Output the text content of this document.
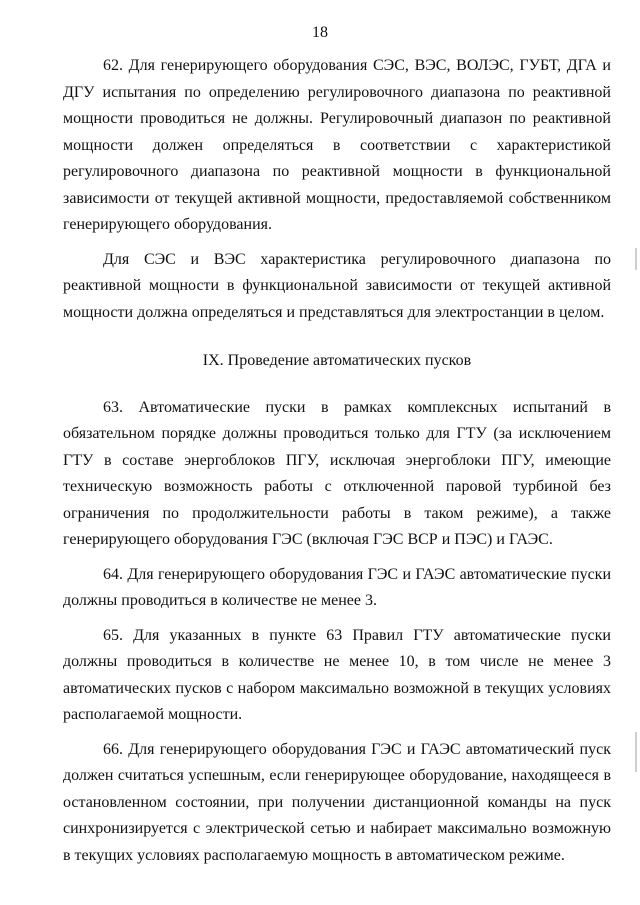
18

62. Для генерирующего оборудования СЭС, ВЭС, ВОЛЭС, ГУБТ, ДГА и ДГУ испытания по определению регулировочного диапазона по реактивной мощности проводиться не должны. Регулировочный диапазон по реактивной мощности должен определяться в соответствии с характеристикой регулировочного диапазона по реактивной мощности в функциональной зависимости от текущей активной мощности, предоставляемой собственником генерирующего оборудования.

Для СЭС и ВЭС характеристика регулировочного диапазона по реактивной мощности в функциональной зависимости от текущей активной мощности должна определяться и представляться для электростанции в целом.

IX. Проведение автоматических пусков

63. Автоматические пуски в рамках комплексных испытаний в обязательном порядке должны проводиться только для ГТУ (за исключением ГТУ в составе энергоблоков ПГУ, исключая энергоблоки ПГУ, имеющие техническую возможность работы с отключенной паровой турбиной без ограничения по продолжительности работы в таком режиме), а также генерирующего оборудования ГЭС (включая ГЭС ВСР и ПЭС) и ГАЭС.

64. Для генерирующего оборудования ГЭС и ГАЭС автоматические пуски должны проводиться в количестве не менее 3.

65. Для указанных в пункте 63 Правил ГТУ автоматические пуски должны проводиться в количестве не менее 10, в том числе не менее 3 автоматических пусков с набором максимально возможной в текущих условиях располагаемой мощности.

66. Для генерирующего оборудования ГЭС и ГАЭС автоматический пуск должен считаться успешным, если генерирующее оборудование, находящееся в остановленном состоянии, при получении дистанционной команды на пуск синхронизируется с электрической сетью и набирает максимально возможную в текущих условиях располагаемую мощность в автоматическом режиме.
